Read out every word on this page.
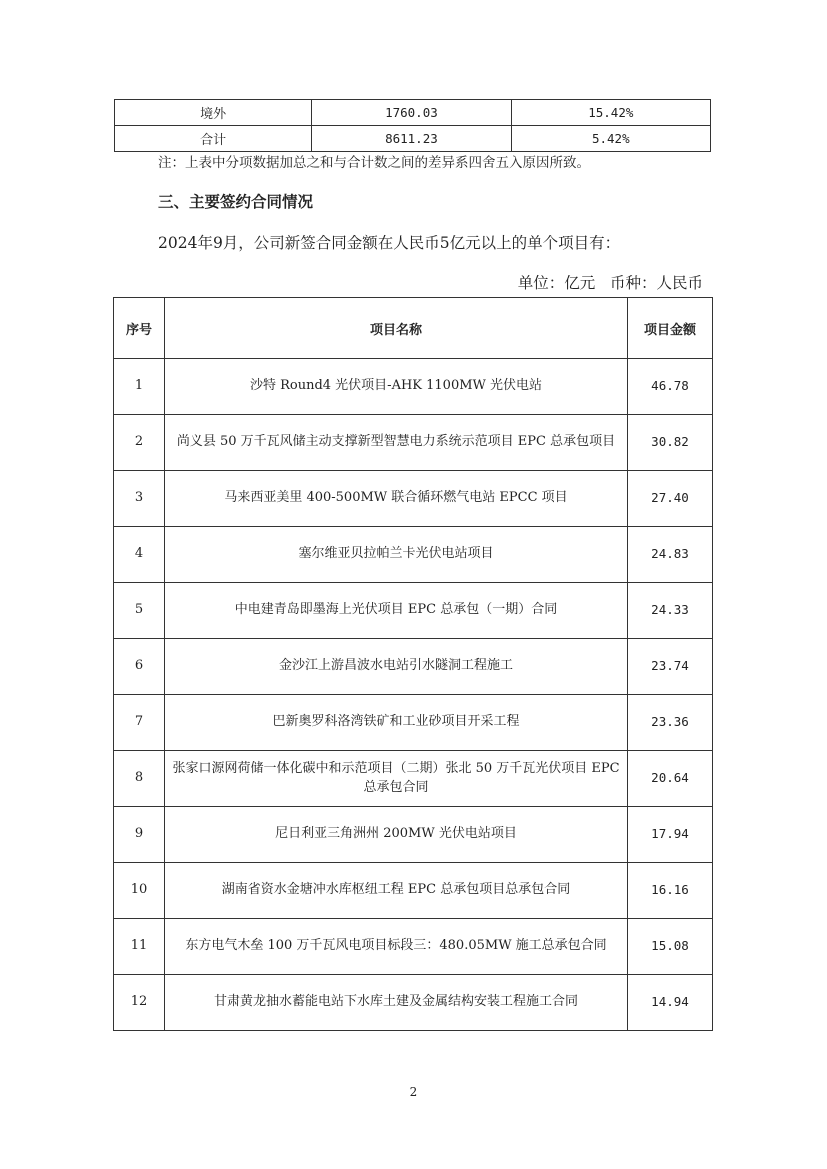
境外	1760.03	15.42%
合计	8611.23	5.42%
注：上表中分项数据加总之和与合计数之间的差异系四舍五入原因所致。
三、主要签约合同情况
2024年9月，公司新签合同金额在人民币5亿元以上的单个项目有：
单位：亿元   币种：人民币
序号	项目名称	项目金额
1	沙特 Round4 光伏项目-AHK 1100MW 光伏电站	46.78
2	尚义县 50 万千瓦风储主动支撑新型智慧电力系统示范项目 EPC 总承包项目	30.82
3	马来西亚美里 400-500MW 联合循环燃气电站 EPCC 项目	27.40
4	塞尔维亚贝拉帕兰卡光伏电站项目	24.83
5	中电建青岛即墨海上光伏项目 EPC 总承包（一期）合同	24.33
6	金沙江上游昌波水电站引水隧洞工程施工	23.74
7	巴新奥罗科洛湾铁矿和工业砂项目开采工程	23.36
8	张家口源网荷储一体化碳中和示范项目（二期）张北 50 万千瓦光伏项目 EPC 总承包合同	20.64
9	尼日利亚三角洲州 200MW 光伏电站项目	17.94
10	湖南省资水金塘冲水库枢纽工程 EPC 总承包项目总承包合同	16.16
11	东方电气木垒 100 万千瓦风电项目标段三：480.05MW 施工总承包合同	15.08
12	甘肃黄龙抽水蓄能电站下水库土建及金属结构安装工程施工合同	14.94
2
